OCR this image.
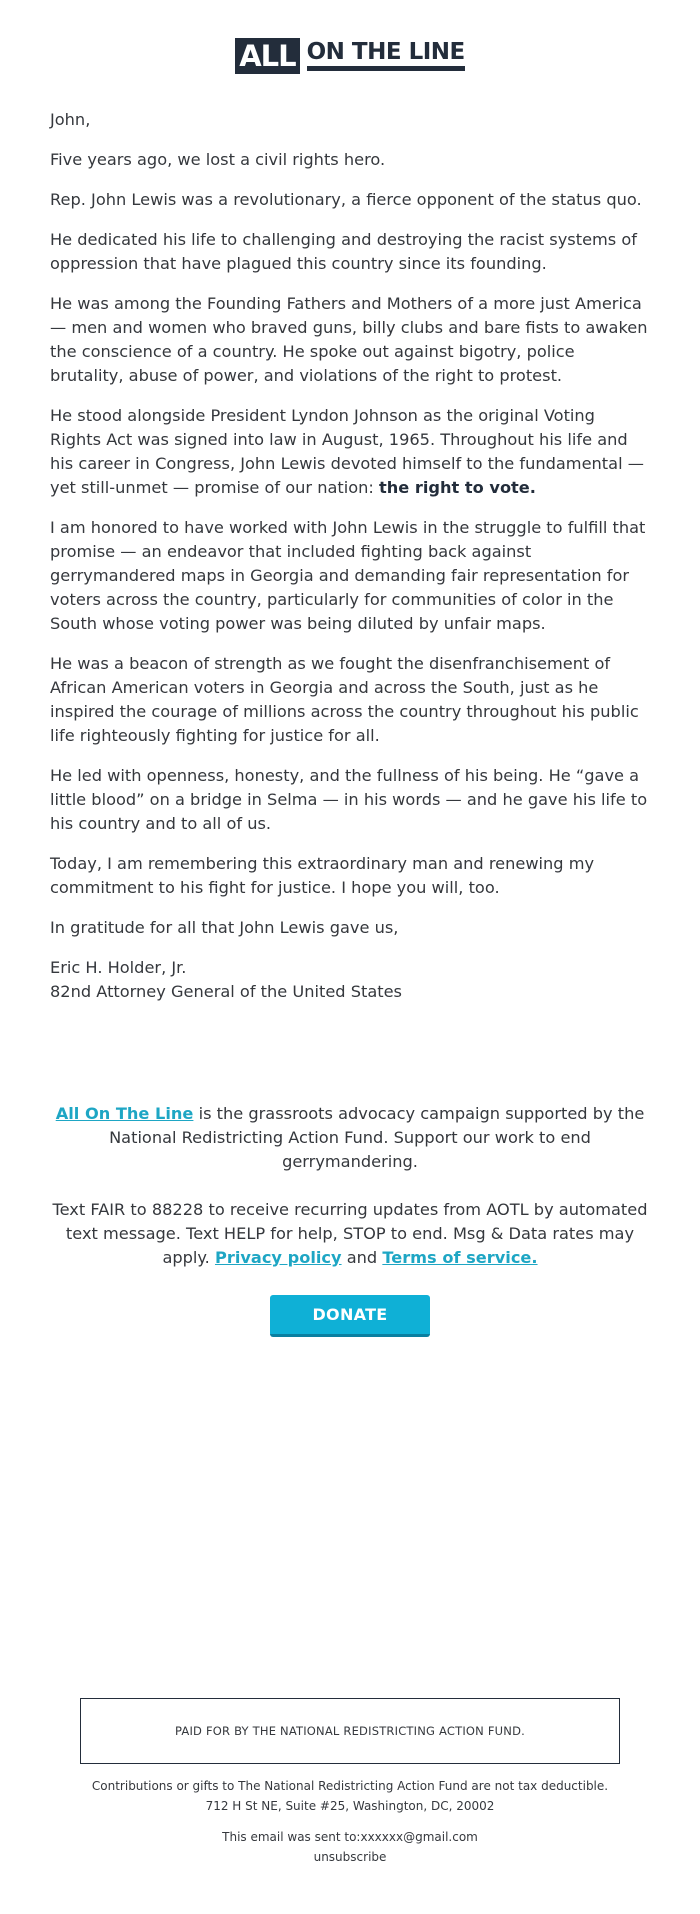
ALL ON THE LINE

John,

Five years ago, we lost a civil rights hero.

Rep. John Lewis was a revolutionary, a fierce opponent of the status quo.

He dedicated his life to challenging and destroying the racist systems of oppression that have plagued this country since its founding.

He was among the Founding Fathers and Mothers of a more just America — men and women who braved guns, billy clubs and bare fists to awaken the conscience of a country. He spoke out against bigotry, police brutality, abuse of power, and violations of the right to protest.

He stood alongside President Lyndon Johnson as the original Voting Rights Act was signed into law in August, 1965. Throughout his life and his career in Congress, John Lewis devoted himself to the fundamental — yet still-unmet — promise of our nation: the right to vote.

I am honored to have worked with John Lewis in the struggle to fulfill that promise — an endeavor that included fighting back against gerrymandered maps in Georgia and demanding fair representation for voters across the country, particularly for communities of color in the South whose voting power was being diluted by unfair maps.

He was a beacon of strength as we fought the disenfranchisement of African American voters in Georgia and across the South, just as he inspired the courage of millions across the country throughout his public life righteously fighting for justice for all.

He led with openness, honesty, and the fullness of his being. He “gave a little blood” on a bridge in Selma — in his words — and he gave his life to his country and to all of us.

Today, I am remembering this extraordinary man and renewing my commitment to his fight for justice. I hope you will, too.

In gratitude for all that John Lewis gave us,

Eric H. Holder, Jr.
82nd Attorney General of the United States

All On The Line is the grassroots advocacy campaign supported by the National Redistricting Action Fund. Support our work to end gerrymandering.

Text FAIR to 88228 to receive recurring updates from AOTL by automated text message. Text HELP for help, STOP to end. Msg & Data rates may apply. Privacy policy and Terms of service.

DONATE
PAID FOR BY THE NATIONAL REDISTRICTING ACTION FUND.
Contributions or gifts to The National Redistricting Action Fund are not tax deductible.
712 H St NE, Suite #25, Washington, DC, 20002
This email was sent to:xxxxxx@gmail.com
unsubscribe
